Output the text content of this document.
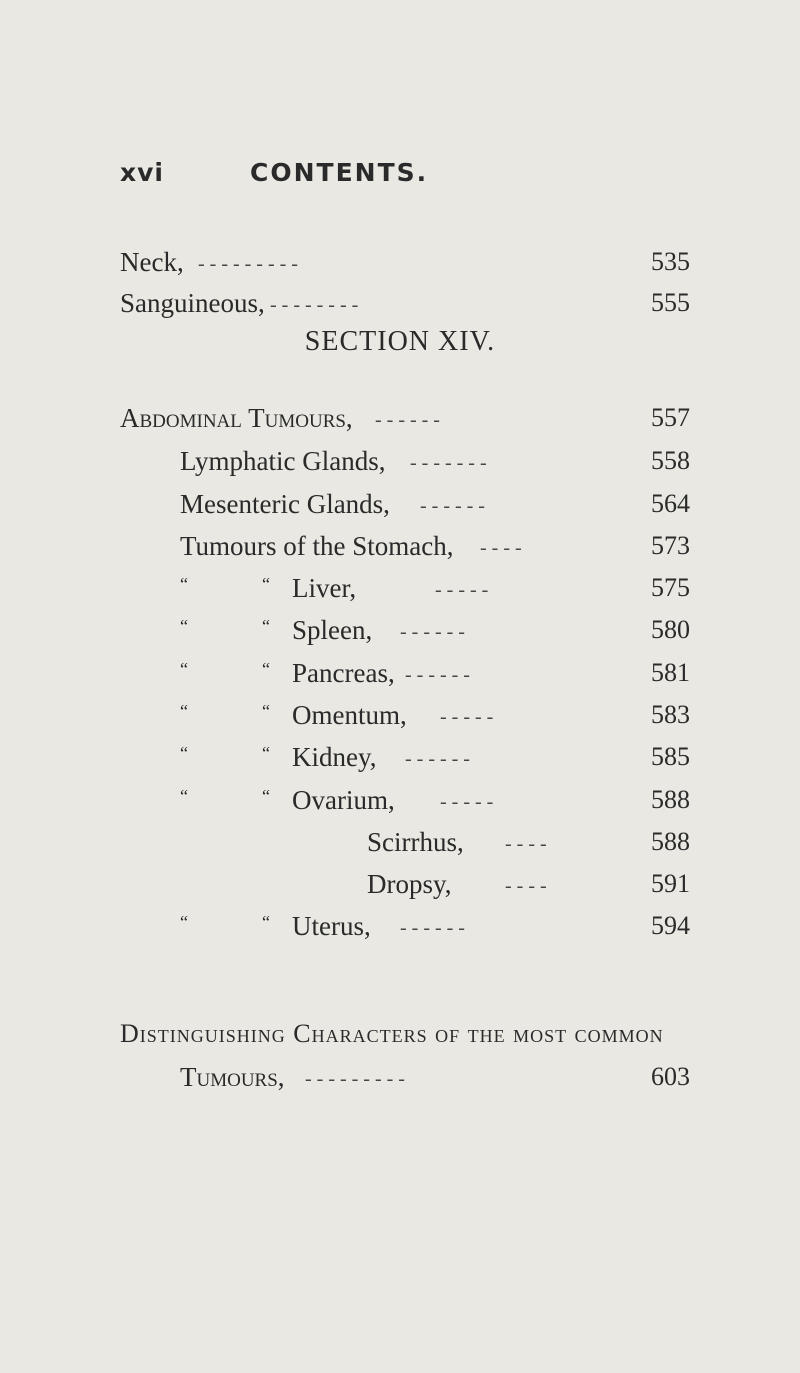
xvi	CONTENTS.
Neck, - - - - - - - - -	535
Sanguineous, - - - - - - - -	555
SECTION XIV.
Abdominal Tumours, - - - - - -	557
Lymphatic Glands, - - - - - - -	558
Mesenteric Glands, - - - - - -	564
Tumours of the Stomach, - - - -	573
“	“ Liver,	- - - - -	575
“	“ Spleen, - - - - - -	580
“	“ Pancreas, - - - - - -	581
“	“ Omentum, - - - - -	583
“	“ Kidney, - - - - - -	585
“	“ Ovarium, - - - - -	588
Scirrhus, - - - -	588
Dropsy,	- - - -	591
“	“ Uterus, - - - - - -	594
Distinguishing Characters of the most common
Tumours, - - - - - - - - -	603
